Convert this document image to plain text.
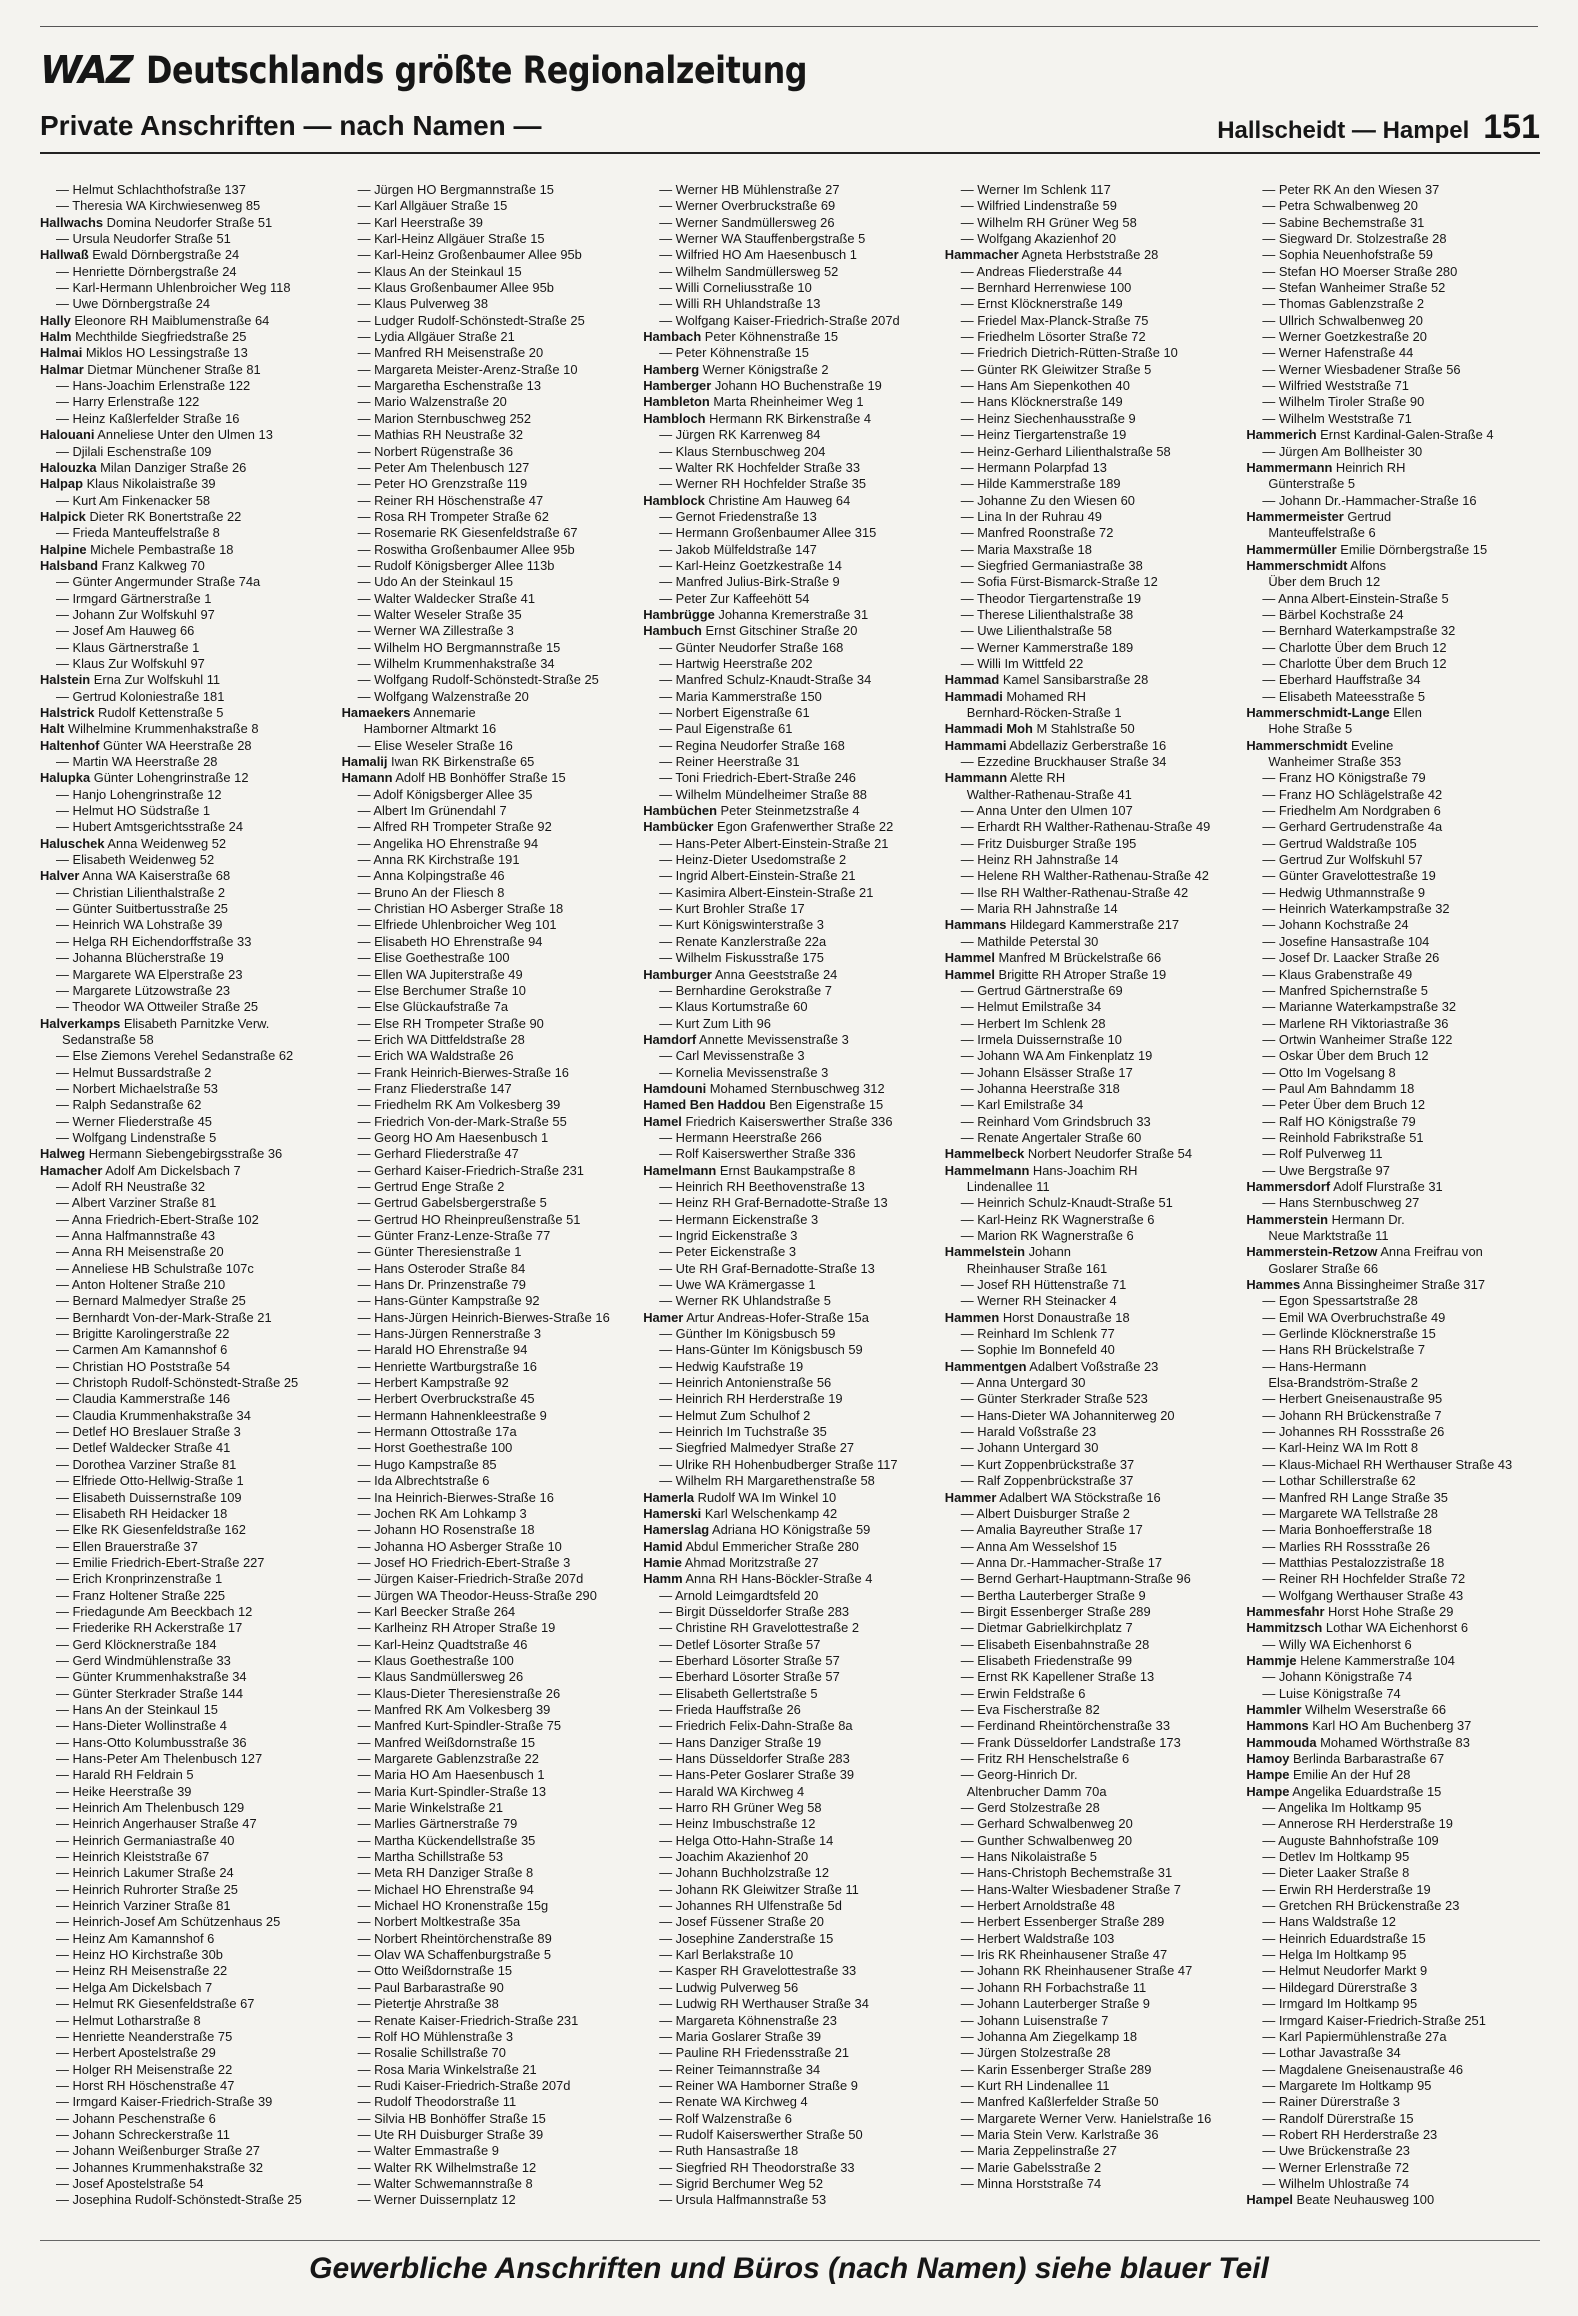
WAZ Deutschlands größte Regionalzeitung
Private Anschriften — nach Namen —	Hallscheidt — Hampel 151
— Helmut Schlachthofstraße 137
— Theresia WA Kirchwiesenweg 85
Hallwachs Domina Neudorfer Straße 51
— Ursula Neudorfer Straße 51
Hallwaß Ewald Dörnbergstraße 24
— Henriette Dörnbergstraße 24
— Karl-Hermann Uhlenbroicher Weg 118
— Uwe Dörnbergstraße 24
Hally Eleonore RH Maiblumenstraße 64
Halm Mechthilde Siegfriedstraße 25
Halmai Miklos HO Lessingstraße 13
Halmar Dietmar Münchener Straße 81
— Hans-Joachim Erlenstraße 122
— Harry Erlenstraße 122
— Heinz Kaßlerfelder Straße 16
Halouani Anneliese Unter den Ulmen 13
— Djilali Eschenstraße 109
Halouzka Milan Danziger Straße 26
Halpap Klaus Nikolaistraße 39
— Kurt Am Finkenacker 58
Halpick Dieter RK Bonertstraße 22
— Frieda Manteuffelstraße 8
Halpine Michele Pembastraße 18
Halsband Franz Kalkweg 70
— Günter Angermunder Straße 74a
— Irmgard Gärtnerstraße 1
— Johann Zur Wolfskuhl 97
— Josef Am Hauweg 66
— Klaus Gärtnerstraße 1
— Klaus Zur Wolfskuhl 97
Halstein Erna Zur Wolfskuhl 11
— Gertrud Koloniestraße 181
Halstrick Rudolf Kettenstraße 5
Halt Wilhelmine Krummenhakstraße 8
Haltenhof Günter WA Heerstraße 28
— Martin WA Heerstraße 28
Halupka Günter Lohengrinstraße 12
— Hanjo Lohengrinstraße 12
— Helmut HO Südstraße 1
— Hubert Amtsgerichtsstraße 24
Haluschek Anna Weidenweg 52
— Elisabeth Weidenweg 52
Halver Anna WA Kaiserstraße 68
— Christian Lilienthalstraße 2
— Günter Suitbertusstraße 25
— Heinrich WA Lohstraße 39
— Helga RH Eichendorffstraße 33
— Johanna Blücherstraße 19
— Margarete WA Elperstraße 23
— Margarete Lützowstraße 23
— Theodor WA Ottweiler Straße 25
Halverkamps Elisabeth Parnitzke Verw.
Sedanstraße 58
— Else Ziemons Verehel Sedanstraße 62
— Helmut Bussardstraße 2
— Norbert Michaelstraße 53
— Ralph Sedanstraße 62
— Werner Fliederstraße 45
— Wolfgang Lindenstraße 5
Halweg Hermann Siebengebirgsstraße 36
Hamacher Adolf Am Dickelsbach 7
— Adolf RH Neustraße 32
— Albert Varziner Straße 81
— Anna Friedrich-Ebert-Straße 102
— Anna Halfmannstraße 43
— Anna RH Meisenstraße 20
— Anneliese HB Schulstraße 107c
— Anton Holtener Straße 210
— Bernard Malmedyer Straße 25
— Bernhardt Von-der-Mark-Straße 21
— Brigitte Karolingerstraße 22
— Carmen Am Kamannshof 6
— Christian HO Poststraße 54
— Christoph Rudolf-Schönstedt-Straße 25
— Claudia Kammerstraße 146
— Claudia Krummenhakstraße 34
— Detlef HO Breslauer Straße 3
— Detlef Waldecker Straße 41
— Dorothea Varziner Straße 81
— Elfriede Otto-Hellwig-Straße 1
— Elisabeth Duissernstraße 109
— Elisabeth RH Heidacker 18
— Elke RK Giesenfeldstraße 162
— Ellen Brauerstraße 37
— Emilie Friedrich-Ebert-Straße 227
— Erich Kronprinzenstraße 1
— Franz Holtener Straße 225
— Friedagunde Am Beeckbach 12
— Friederike RH Ackerstraße 17
— Gerd Klöcknerstraße 184
— Gerd Windmühlenstraße 33
— Günter Krummenhakstraße 34
— Günter Sterkrader Straße 144
— Hans An der Steinkaul 15
— Hans-Dieter Wollinstraße 4
— Hans-Otto Kolumbusstraße 36
— Hans-Peter Am Thelenbusch 127
— Harald RH Feldrain 5
— Heike Heerstraße 39
— Heinrich Am Thelenbusch 129
— Heinrich Angerhauser Straße 47
— Heinrich Germaniastraße 40
— Heinrich Kleiststraße 67
— Heinrich Lakumer Straße 24
— Heinrich Ruhrorter Straße 25
— Heinrich Varziner Straße 81
— Heinrich-Josef Am Schützenhaus 25
— Heinz Am Kamannshof 6
— Heinz HO Kirchstraße 30b
— Heinz RH Meisenstraße 22
— Helga Am Dickelsbach 7
— Helmut RK Giesenfeldstraße 67
— Helmut Lotharstraße 8
— Henriette Neanderstraße 75
— Herbert Apostelstraße 29
— Holger RH Meisenstraße 22
— Horst RH Höschenstraße 47
— Irmgard Kaiser-Friedrich-Straße 39
— Johann Peschenstraße 6
— Johann Schreckerstraße 11
— Johann Weißenburger Straße 27
— Johannes Krummenhakstraße 32
— Josef Apostelstraße 54
— Josephina Rudolf-Schönstedt-Straße 25
— Jürgen HO Bergmannstraße 15
— Karl Allgäuer Straße 15
— Karl Heerstraße 39
— Karl-Heinz Allgäuer Straße 15
— Karl-Heinz Großenbaumer Allee 95b
— Klaus An der Steinkaul 15
— Klaus Großenbaumer Allee 95b
— Klaus Pulverweg 38
— Ludger Rudolf-Schönstedt-Straße 25
— Lydia Allgäuer Straße 21
— Manfred RH Meisenstraße 20
— Margareta Meister-Arenz-Straße 10
— Margaretha Eschenstraße 13
— Mario Walzenstraße 20
— Marion Sternbuschweg 252
— Mathias RH Neustraße 32
— Norbert Rügenstraße 36
— Peter Am Thelenbusch 127
— Peter HO Grenzstraße 119
— Reiner RH Höschenstraße 47
— Rosa RH Trompeter Straße 62
— Rosemarie RK Giesenfeldstraße 67
— Roswitha Großenbaumer Allee 95b
— Rudolf Königsberger Allee 113b
— Udo An der Steinkaul 15
— Walter Waldecker Straße 41
— Walter Weseler Straße 35
— Werner WA Zillestraße 3
— Wilhelm HO Bergmannstraße 15
— Wilhelm Krummenhakstraße 34
— Wolfgang Rudolf-Schönstedt-Straße 25
— Wolfgang Walzenstraße 20
Hamaekers Annemarie
Hamborner Altmarkt 16
— Elise Weseler Straße 16
Hamalij Iwan RK Birkenstraße 65
Hamann Adolf HB Bonhöffer Straße 15
— Adolf Königsberger Allee 35
— Albert Im Grünendahl 7
— Alfred RH Trompeter Straße 92
— Angelika HO Ehrenstraße 94
— Anna RK Kirchstraße 191
— Anna Kolpingstraße 46
— Bruno An der Fliesch 8
— Christian HO Asberger Straße 18
— Elfriede Uhlenbroicher Weg 101
— Elisabeth HO Ehrenstraße 94
— Elise Goethestraße 100
— Ellen WA Jupiterstraße 49
— Else Berchumer Straße 10
— Else Glückaufstraße 7a
— Else RH Trompeter Straße 90
— Erich WA Dittfeldstraße 28
— Erich WA Waldstraße 26
— Frank Heinrich-Bierwes-Straße 16
— Franz Fliederstraße 147
— Friedhelm RK Am Volkesberg 39
— Friedrich Von-der-Mark-Straße 55
— Georg HO Am Haesenbusch 1
— Gerhard Fliederstraße 47
— Gerhard Kaiser-Friedrich-Straße 231
— Gertrud Enge Straße 2
— Gertrud Gabelsbergerstraße 5
— Gertrud HO Rheinpreußenstraße 51
— Günter Franz-Lenze-Straße 77
— Günter Theresienstraße 1
— Hans Osteroder Straße 84
— Hans Dr. Prinzenstraße 79
— Hans-Günter Kampstraße 92
— Hans-Jürgen Heinrich-Bierwes-Straße 16
— Hans-Jürgen Rennerstraße 3
— Harald HO Ehrenstraße 94
— Henriette Wartburgstraße 16
— Herbert Kampstraße 92
— Herbert Overbruckstraße 45
— Hermann Hahnenkleestraße 9
— Hermann Ottostraße 17a
— Horst Goethestraße 100
— Hugo Kampstraße 85
— Ida Albrechtstraße 6
— Ina Heinrich-Bierwes-Straße 16
— Jochen RK Am Lohkamp 3
— Johann HO Rosenstraße 18
— Johanna HO Asberger Straße 10
— Josef HO Friedrich-Ebert-Straße 3
— Jürgen Kaiser-Friedrich-Straße 207d
— Jürgen WA Theodor-Heuss-Straße 290
— Karl Beecker Straße 264
— Karlheinz RH Atroper Straße 19
— Karl-Heinz Quadtstraße 46
— Klaus Goethestraße 100
— Klaus Sandmüllersweg 26
— Klaus-Dieter Theresienstraße 26
— Manfred RK Am Volkesberg 39
— Manfred Kurt-Spindler-Straße 75
— Manfred Weißdornstraße 15
— Margarete Gablenzstraße 22
— Maria HO Am Haesenbusch 1
— Maria Kurt-Spindler-Straße 13
— Marie Winkelstraße 21
— Marlies Gärtnerstraße 79
— Martha Kückendellstraße 35
— Martha Schillstraße 53
— Meta RH Danziger Straße 8
— Michael HO Ehrenstraße 94
— Michael HO Kronenstraße 15g
— Norbert Moltkestraße 35a
— Norbert Rheintörchenstraße 89
— Olav WA Schaffenburgstraße 5
— Otto Weißdornstraße 15
— Paul Barbarastraße 90
— Pietertje Ahrstraße 38
— Renate Kaiser-Friedrich-Straße 231
— Rolf HO Mühlenstraße 3
— Rosalie Schillstraße 70
— Rosa Maria Winkelstraße 21
— Rudi Kaiser-Friedrich-Straße 207d
— Rudolf Theodorstraße 11
— Silvia HB Bonhöffer Straße 15
— Ute RH Duisburger Straße 39
— Walter Emmastraße 9
— Walter RK Wilhelmstraße 12
— Walter Schwemannstraße 8
— Werner Duissernplatz 12
— Werner HB Mühlenstraße 27
— Werner Overbruckstraße 69
— Werner Sandmüllersweg 26
— Werner WA Stauffenbergstraße 5
— Wilfried HO Am Haesenbusch 1
— Wilhelm Sandmüllersweg 52
— Willi Corneliusstraße 10
— Willi RH Uhlandstraße 13
— Wolfgang Kaiser-Friedrich-Straße 207d
Hambach Peter Köhnenstraße 15
— Peter Köhnenstraße 15
Hamberg Werner Königstraße 2
Hamberger Johann HO Buchenstraße 19
Hambleton Marta Rheinheimer Weg 1
Hambloch Hermann RK Birkenstraße 4
— Jürgen RK Karrenweg 84
— Klaus Sternbuschweg 204
— Walter RK Hochfelder Straße 33
— Werner RH Hochfelder Straße 35
Hamblock Christine Am Hauweg 64
— Gernot Friedenstraße 13
— Hermann Großenbaumer Allee 315
— Jakob Mülfeldstraße 147
— Karl-Heinz Goetzkestraße 14
— Manfred Julius-Birk-Straße 9
— Peter Zur Kaffeehött 54
Hambrügge Johanna Kremerstraße 31
Hambuch Ernst Gitschiner Straße 20
— Günter Neudorfer Straße 168
— Hartwig Heerstraße 202
— Manfred Schulz-Knaudt-Straße 34
— Maria Kammerstraße 150
— Norbert Eigenstraße 61
— Paul Eigenstraße 61
— Regina Neudorfer Straße 168
— Reiner Heerstraße 31
— Toni Friedrich-Ebert-Straße 246
— Wilhelm Mündelheimer Straße 88
Hambüchen Peter Steinmetzstraße 4
Hambücker Egon Grafenwerther Straße 22
— Hans-Peter Albert-Einstein-Straße 21
— Heinz-Dieter Usedomstraße 2
— Ingrid Albert-Einstein-Straße 21
— Kasimira Albert-Einstein-Straße 21
— Kurt Brohler Straße 17
— Kurt Königswinterstraße 3
— Renate Kanzlerstraße 22a
— Wilhelm Fiskusstraße 175
Hamburger Anna Geeststraße 24
— Bernhardine Gerokstraße 7
— Klaus Kortumstraße 60
— Kurt Zum Lith 96
Hamdorf Annette Mevissenstraße 3
— Carl Mevissenstraße 3
— Kornelia Mevissenstraße 3
Hamdouni Mohamed Sternbuschweg 312
Hamed Ben Haddou Ben Eigenstraße 15
Hamel Friedrich Kaiserswerther Straße 336
— Hermann Heerstraße 266
— Rolf Kaiserswerther Straße 336
Hamelmann Ernst Baukampstraße 8
— Heinrich RH Beethovenstraße 13
— Heinz RH Graf-Bernadotte-Straße 13
— Hermann Eickenstraße 3
— Ingrid Eickenstraße 3
— Peter Eickenstraße 3
— Ute RH Graf-Bernadotte-Straße 13
— Uwe WA Krämergasse 1
— Werner RK Uhlandstraße 5
Hamer Artur Andreas-Hofer-Straße 15a
— Günther Im Königsbusch 59
— Hans-Günter Im Königsbusch 59
— Hedwig Kaufstraße 19
— Heinrich Antonienstraße 56
— Heinrich RH Herderstraße 19
— Helmut Zum Schulhof 2
— Heinrich Im Tuchstraße 35
— Siegfried Malmedyer Straße 27
— Ulrike RH Hohenbudberger Straße 117
— Wilhelm RH Margarethenstraße 58
Hamerla Rudolf WA Im Winkel 10
Hamerski Karl Welschenkamp 42
Hamerslag Adriana HO Königstraße 59
Hamid Abdul Emmericher Straße 280
Hamie Ahmad Moritzstraße 27
Hamm Anna RH Hans-Böckler-Straße 4
— Arnold Leimgardtsfeld 20
— Birgit Düsseldorfer Straße 283
— Christine RH Gravelottestraße 2
— Detlef Lösorter Straße 57
— Eberhard Lösorter Straße 57
— Eberhard Lösorter Straße 57
— Elisabeth Gellertstraße 5
— Frieda Hauffstraße 26
— Friedrich Felix-Dahn-Straße 8a
— Hans Danziger Straße 19
— Hans Düsseldorfer Straße 283
— Hans-Peter Goslarer Straße 39
— Harald WA Kirchweg 4
— Harro RH Grüner Weg 58
— Heinz Imbuschstraße 12
— Helga Otto-Hahn-Straße 14
— Joachim Akazienhof 20
— Johann Buchholzstraße 12
— Johann RK Gleiwitzer Straße 11
— Johannes RH Ulfenstraße 5d
— Josef Füssener Straße 20
— Josephine Zanderstraße 15
— Karl Berlakstraße 10
— Kasper RH Gravelottestraße 33
— Ludwig Pulverweg 56
— Ludwig RH Werthauser Straße 34
— Margareta Köhnenstraße 23
— Maria Goslarer Straße 39
— Pauline RH Friedensstraße 21
— Reiner Teimannstraße 34
— Reiner WA Hamborner Straße 9
— Renate WA Kirchweg 4
— Rolf Walzenstraße 6
— Rudolf Kaiserswerther Straße 50
— Ruth Hansastraße 18
— Siegfried RH Theodorstraße 33
— Sigrid Berchumer Weg 52
— Ursula Halfmannstraße 53
— Werner Im Schlenk 117
— Wilfried Lindenstraße 59
— Wilhelm RH Grüner Weg 58
— Wolfgang Akazienhof 20
Hammacher Agneta Herbststraße 28
— Andreas Fliederstraße 44
— Bernhard Herrenwiese 100
— Ernst Klöcknerstraße 149
— Friedel Max-Planck-Straße 75
— Friedhelm Lösorter Straße 72
— Friedrich Dietrich-Rütten-Straße 10
— Günter RK Gleiwitzer Straße 5
— Hans Am Siepenkothen 40
— Hans Klöcknerstraße 149
— Heinz Siechenhausstraße 9
— Heinz Tiergartenstraße 19
— Heinz-Gerhard Lilienthalstraße 58
— Hermann Polarpfad 13
— Hilde Kammerstraße 189
— Johanne Zu den Wiesen 60
— Lina In der Ruhrau 49
— Manfred Roonstraße 72
— Maria Maxstraße 18
— Siegfried Germaniastraße 38
— Sofia Fürst-Bismarck-Straße 12
— Theodor Tiergartenstraße 19
— Therese Lilienthalstraße 38
— Uwe Lilienthalstraße 58
— Werner Kammerstraße 189
— Willi Im Wittfeld 22
Hammad Kamel Sansibarstraße 28
Hammadi Mohamed RH
Bernhard-Röcken-Straße 1
Hammadi Moh M Stahlstraße 50
Hammami Abdellaziz Gerberstraße 16
— Ezzedine Bruckhauser Straße 34
Hammann Alette RH
Walther-Rathenau-Straße 41
— Anna Unter den Ulmen 107
— Erhardt RH Walther-Rathenau-Straße 49
— Fritz Duisburger Straße 195
— Heinz RH Jahnstraße 14
— Helene RH Walther-Rathenau-Straße 42
— Ilse RH Walther-Rathenau-Straße 42
— Maria RH Jahnstraße 14
Hammans Hildegard Kammerstraße 217
— Mathilde Peterstal 30
Hammel Manfred M Brückelstraße 66
Hammel Brigitte RH Atroper Straße 19
— Gertrud Gärtnerstraße 69
— Helmut Emilstraße 34
— Herbert Im Schlenk 28
— Irmela Duissernstraße 10
— Johann WA Am Finkenplatz 19
— Johann Elsässer Straße 17
— Johanna Heerstraße 318
— Karl Emilstraße 34
— Reinhard Vom Grindsbruch 33
— Renate Angertaler Straße 60
Hammelbeck Norbert Neudorfer Straße 54
Hammelmann Hans-Joachim RH
Lindenallee 11
— Heinrich Schulz-Knaudt-Straße 51
— Karl-Heinz RK Wagnerstraße 6
— Marion RK Wagnerstraße 6
Hammelstein Johann
Rheinhauser Straße 161
— Josef RH Hüttenstraße 71
— Werner RH Steinacker 4
Hammen Horst Donaustraße 18
— Reinhard Im Schlenk 77
— Sophie Im Bonnefeld 40
Hammentgen Adalbert Voßstraße 23
— Anna Untergard 30
— Günter Sterkrader Straße 523
— Hans-Dieter WA Johanniterweg 20
— Harald Voßstraße 23
— Johann Untergard 30
— Kurt Zoppenbrückstraße 37
— Ralf Zoppenbrückstraße 37
Hammer Adalbert WA Stöckstraße 16
— Albert Duisburger Straße 2
— Amalia Bayreuther Straße 17
— Anna Am Wesselshof 15
— Anna Dr.-Hammacher-Straße 17
— Bernd Gerhart-Hauptmann-Straße 96
— Bertha Lauterberger Straße 9
— Birgit Essenberger Straße 289
— Dietmar Gabrielkirchplatz 7
— Elisabeth Eisenbahnstraße 28
— Elisabeth Friedenstraße 99
— Ernst RK Kapellener Straße 13
— Erwin Feldstraße 6
— Eva Fischerstraße 82
— Ferdinand Rheintörchenstraße 33
— Frank Düsseldorfer Landstraße 173
— Fritz RH Henschelstraße 6
— Georg-Hinrich Dr.
Altenbrucher Damm 70a
— Gerd Stolzestraße 28
— Gerhard Schwalbenweg 20
— Gunther Schwalbenweg 20
— Hans Nikolaistraße 5
— Hans-Christoph Bechemstraße 31
— Hans-Walter Wiesbadener Straße 7
— Herbert Arnoldstraße 48
— Herbert Essenberger Straße 289
— Herbert Waldstraße 103
— Iris RK Rheinhausener Straße 47
— Johann RK Rheinhausener Straße 47
— Johann RH Forbachstraße 11
— Johann Lauterberger Straße 9
— Johann Luisenstraße 7
— Johanna Am Ziegelkamp 18
— Jürgen Stolzestraße 28
— Karin Essenberger Straße 289
— Kurt RH Lindenallee 11
— Manfred Kaßlerfelder Straße 50
— Margarete Werner Verw. Hanielstraße 16
— Maria Stein Verw. Karlstraße 36
— Maria Zeppelinstraße 27
— Marie Gabelsstraße 2
— Minna Horststraße 74
— Peter RK An den Wiesen 37
— Petra Schwalbenweg 20
— Sabine Bechemstraße 31
— Siegward Dr. Stolzestraße 28
— Sophia Neuenhofstraße 59
— Stefan HO Moerser Straße 280
— Stefan Wanheimer Straße 52
— Thomas Gablenzstraße 2
— Ullrich Schwalbenweg 20
— Werner Goetzkestraße 20
— Werner Hafenstraße 44
— Werner Wiesbadener Straße 56
— Wilfried Weststraße 71
— Wilhelm Tiroler Straße 90
— Wilhelm Weststraße 71
Hammerich Ernst Kardinal-Galen-Straße 4
— Jürgen Am Bollheister 30
Hammermann Heinrich RH
Günterstraße 5
— Johann Dr.-Hammacher-Straße 16
Hammermeister Gertrud
Manteuffelstraße 6
Hammermüller Emilie Dörnbergstraße 15
Hammerschmidt Alfons
Über dem Bruch 12
— Anna Albert-Einstein-Straße 5
— Bärbel Kochstraße 24
— Bernhard Waterkampstraße 32
— Charlotte Über dem Bruch 12
— Charlotte Über dem Bruch 12
— Eberhard Hauffstraße 34
— Elisabeth Mateesstraße 5
Hammerschmidt-Lange Ellen
Hohe Straße 5
Hammerschmidt Eveline
Wanheimer Straße 353
— Franz HO Königstraße 79
— Franz HO Schlägelstraße 42
— Friedhelm Am Nordgraben 6
— Gerhard Gertrudenstraße 4a
— Gertrud Waldstraße 105
— Gertrud Zur Wolfskuhl 57
— Günter Gravelottestraße 19
— Hedwig Uthmannstraße 9
— Heinrich Waterkampstraße 32
— Johann Kochstraße 24
— Josefine Hansastraße 104
— Josef Dr. Laacker Straße 26
— Klaus Grabenstraße 49
— Manfred Spichernstraße 5
— Marianne Waterkampstraße 32
— Marlene RH Viktoriastraße 36
— Ortwin Wanheimer Straße 122
— Oskar Über dem Bruch 12
— Otto Im Vogelsang 8
— Paul Am Bahndamm 18
— Peter Über dem Bruch 12
— Ralf HO Königstraße 79
— Reinhold Fabrikstraße 51
— Rolf Pulverweg 11
— Uwe Bergstraße 97
Hammersdorf Adolf Flurstraße 31
— Hans Sternbuschweg 27
Hammerstein Hermann Dr.
Neue Marktstraße 11
Hammerstein-Retzow Anna Freifrau von
Goslarer Straße 66
Hammes Anna Bissingheimer Straße 317
— Egon Spessartstraße 28
— Emil WA Overbruchstraße 49
— Gerlinde Klöcknerstraße 15
— Hans RH Brückelstraße 7
— Hans-Hermann
Elsa-Brandström-Straße 2
— Herbert Gneisenaustraße 95
— Johann RH Brückenstraße 7
— Johannes RH Rossstraße 26
— Karl-Heinz WA Im Rott 8
— Klaus-Michael RH Werthauser Straße 43
— Lothar Schillerstraße 62
— Manfred RH Lange Straße 35
— Margarete WA Tellstraße 28
— Maria Bonhoefferstraße 18
— Marlies RH Rossstraße 26
— Matthias Pestalozzistraße 18
— Reiner RH Hochfelder Straße 72
— Wolfgang Werthauser Straße 43
Hammesfahr Horst Hohe Straße 29
Hammitzsch Lothar WA Eichenhorst 6
— Willy WA Eichenhorst 6
Hammje Helene Kammerstraße 104
— Johann Königstraße 74
— Luise Königstraße 74
Hammler Wilhelm Weserstraße 66
Hammons Karl HO Am Buchenberg 37
Hammouda Mohamed Wörthstraße 83
Hamoy Berlinda Barbarastraße 67
Hampe Emilie An der Huf 28
Hampe Angelika Eduardstraße 15
— Angelika Im Holtkamp 95
— Annerose RH Herderstraße 19
— Auguste Bahnhofstraße 109
— Detlev Im Holtkamp 95
— Dieter Laaker Straße 8
— Erwin RH Herderstraße 19
— Gretchen RH Brückenstraße 23
— Hans Waldstraße 12
— Heinrich Eduardstraße 15
— Helga Im Holtkamp 95
— Helmut Neudorfer Markt 9
— Hildegard Dürerstraße 3
— Irmgard Im Holtkamp 95
— Irmgard Kaiser-Friedrich-Straße 251
— Karl Papiermühlenstraße 27a
— Lothar Javastraße 34
— Magdalene Gneisenaustraße 46
— Margarete Im Holtkamp 95
— Rainer Dürerstraße 3
— Randolf Dürerstraße 15
— Robert RH Herderstraße 23
— Uwe Brückenstraße 23
— Werner Erlenstraße 72
— Wilhelm Uhlostraße 74
Hampel Beate Neuhausweg 100
Gewerbliche Anschriften und Büros (nach Namen) siehe blauer Teil
